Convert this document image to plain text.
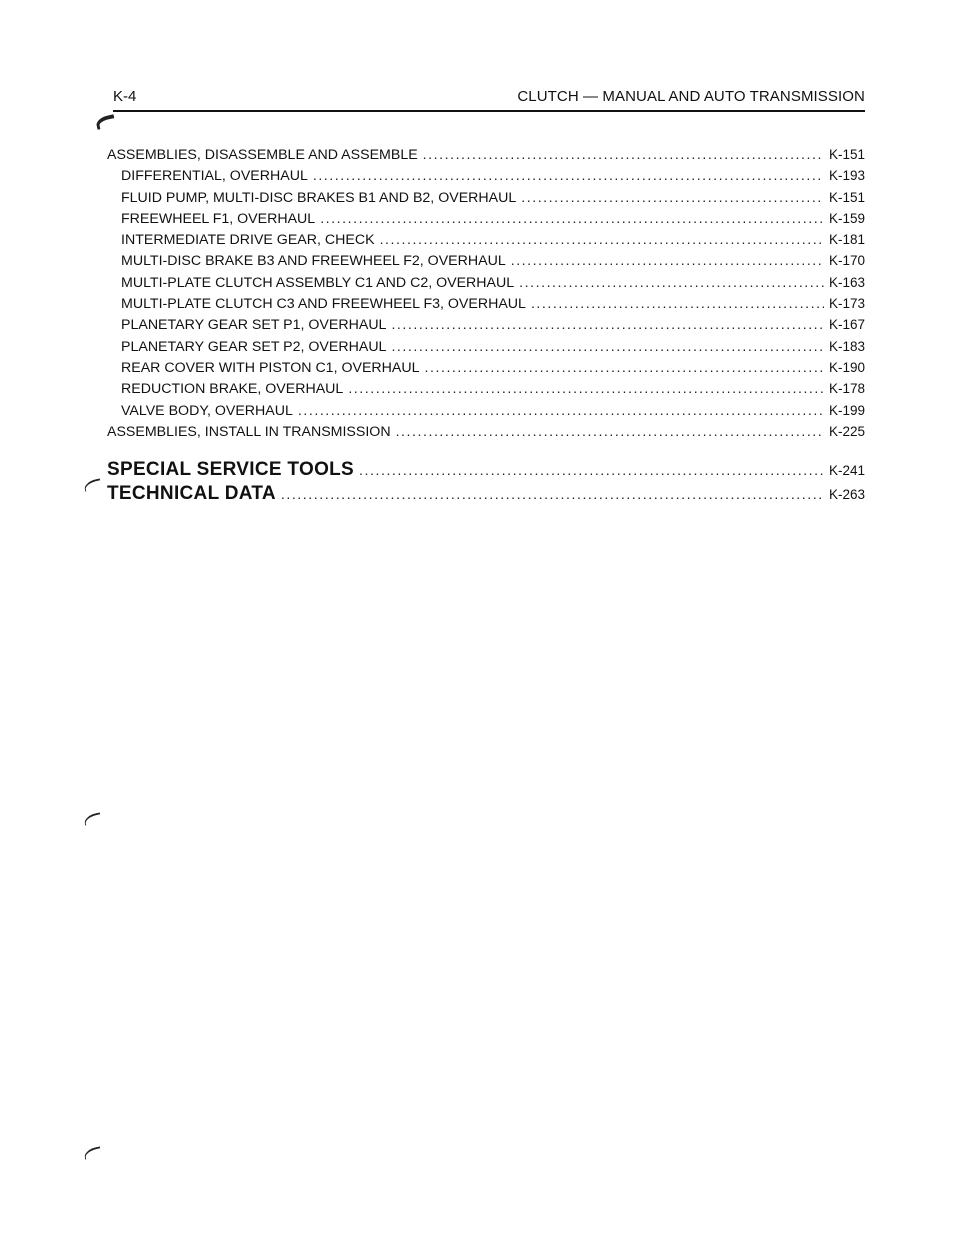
K-4	CLUTCH — MANUAL AND AUTO TRANSMISSION
ASSEMBLIES, DISASSEMBLE AND ASSEMBLE . . .	K-151
DIFFERENTIAL, OVERHAUL . . .	K-193
FLUID PUMP, MULTI-DISC BRAKES B1 AND B2, OVERHAUL . . .	K-151
FREEWHEEL F1, OVERHAUL . . .	K-159
INTERMEDIATE DRIVE GEAR, CHECK . . .	K-181
MULTI-DISC BRAKE B3 AND FREEWHEEL F2, OVERHAUL . . .	K-170
MULTI-PLATE CLUTCH ASSEMBLY C1 AND C2, OVERHAUL . . .	K-163
MULTI-PLATE CLUTCH C3 AND FREEWHEEL F3, OVERHAUL . . .	K-173
PLANETARY GEAR SET P1, OVERHAUL . . .	K-167
PLANETARY GEAR SET P2, OVERHAUL . . .	K-183
REAR COVER WITH PISTON C1, OVERHAUL . . .	K-190
REDUCTION BRAKE, OVERHAUL . . .	K-178
VALVE BODY, OVERHAUL . . .	K-199
ASSEMBLIES, INSTALL IN TRANSMISSION . . .	K-225
SPECIAL SERVICE TOOLS . . .	K-241
TECHNICAL DATA . . .	K-263
